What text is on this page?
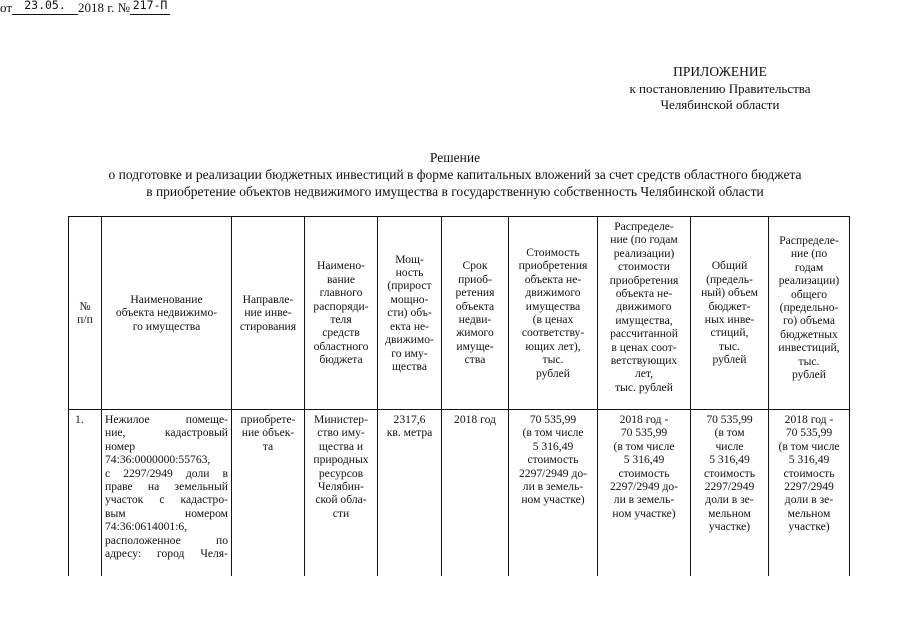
ПРИЛОЖЕНИЕ
к постановлению Правительства
Челябинской области
от 23.05. 2018 г. № 217-П
Решение
о подготовке и реализации бюджетных инвестиций в форме капитальных вложений за счет средств областного бюджета
в приобретение объектов недвижимого имущества в государственную собственность Челябинской области
№
п/п
Наименование
объекта недвижимо-
го имущества
Направле-
ние инве-
стирования
Наимено-
вание
главного
распоряди-
теля
средств
областного
бюджета
Мощ-
ность
(прирост
мощно-
сти) объ-
екта не-
движимо-
го иму-
щества
Срок
приоб-
ретения
объекта
недви-
жимого
имуще-
ства
Стоимость
приобретения
объекта не-
движимого
имущества
(в ценах
соответству-
ющих лет),
тыс.
рублей
Распределе-
ние (по годам
реализации)
стоимости
приобретения
объекта не-
движимого
имущества,
рассчитанной
в ценах соот-
ветствующих
лет,
тыс. рублей
Общий
(предель-
ный) объем
бюджет-
ных инве-
стиций,
тыс.
рублей
Распределе-
ние (по
годам
реализации)
общего
(предельно-
го) объема
бюджетных
инвестиций,
тыс.
рублей
1.	Нежилое помеще-
ние, кадастровый
номер
74:36:0000000:55763,
с 2297/2949 доли в
праве на земельный
участок с кадастро-
вым номером
74:36:0614001:6,
расположенное по
адресу: город Челя-
приобрете-
ние объек-
та
Министер-
ство иму-
щества и
природных
ресурсов
Челябин-
ской обла-
сти
2317,6
кв. метра
2018 год	70 535,99
(в том числе
5 316,49
стоимость
2297/2949 до-
ли в земель-
ном участке)
2018 год -
70 535,99
(в том числе
5 316,49
стоимость
2297/2949 до-
ли в земель-
ном участке)
70 535,99
(в том
числе
5 316,49
стоимость
2297/2949
доли в зе-
мельном
участке)
2018 год -
70 535,99
(в том числе
5 316,49
стоимость
2297/2949
доли в зе-
мельном
участке)
